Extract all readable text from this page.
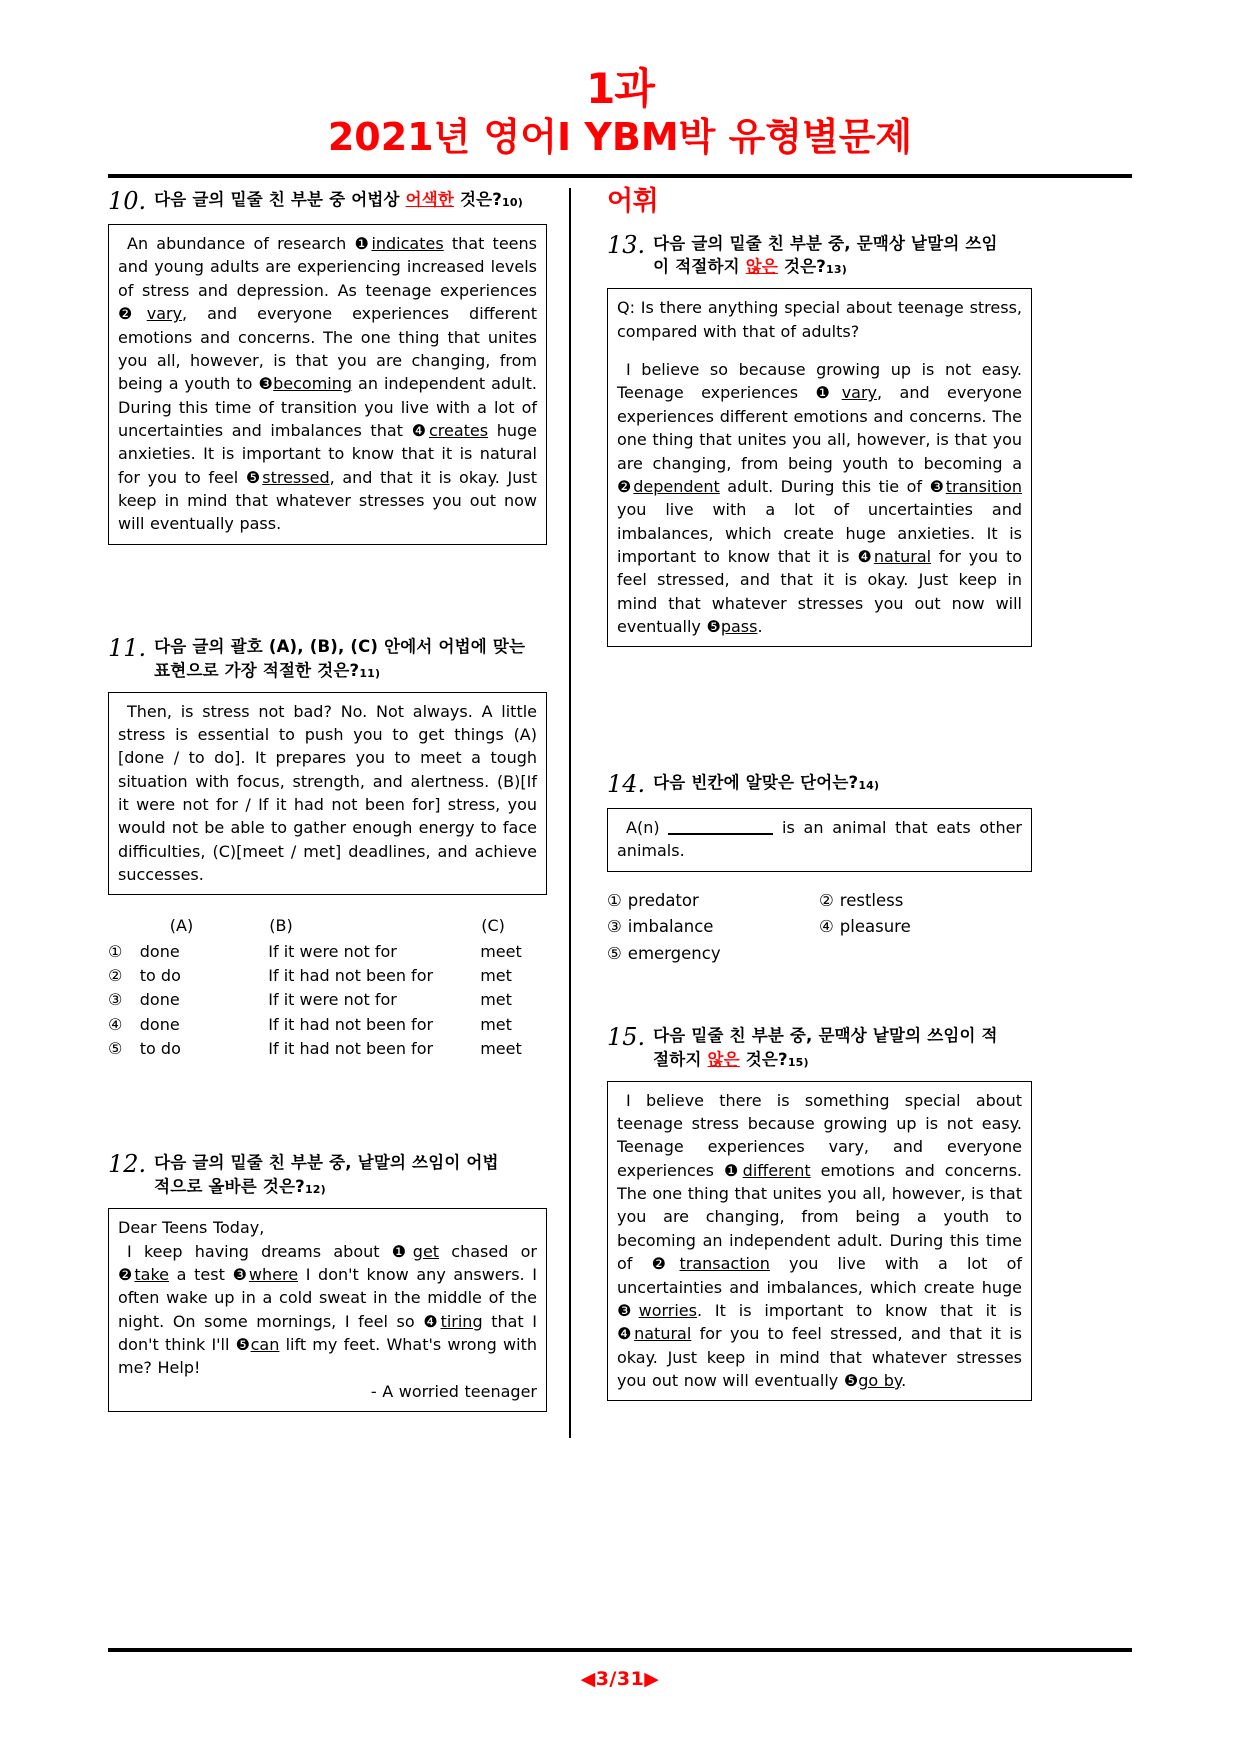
1과
2021년 영어Ⅰ YBM박 유형별문제
10. 다음 글의 밑줄 친 부분 중 어법상 어색한 것은?$^{10)}$

An abundance of research ❶indicates that teens and young adults are experiencing increased levels of stress and depression. As teenage experiences ❷vary, and everyone experiences different emotions and concerns. The one thing that unites you all, however, is that you are changing, from being a youth to ❸becoming an independent adult. During this time of transition you live with a lot of uncertainties and imbalances that ❹creates huge anxieties. It is important to know that it is natural for you to feel ❺stressed, and that it is okay. Just keep in mind that whatever stresses you out now will eventually pass.

11. 다음 글의 괄호 (A), (B), (C) 안에서 어법에 맞는
표현으로 가장 적절한 것은?$^{11)}$

Then, is stress not bad? No. Not always. A little stress is essential to push you to get things (A)[done / to do]. It prepares you to meet a tough situation with focus, strength, and alertness. (B)[If it were not for / If it had not been for] stress, you would not be able to gather enough energy to face difficulties, (C)[meet / met] deadlines, and achieve successes.

	(A)	(B)	(C)
①	done	If it were not for	meet
②	to do	If it had not been for	met
③	done	If it were not for	met
④	done	If it had not been for	met
⑤	to do	If it had not been for	meet
12. 다음 글의 밑줄 친 부분 중, 낱말의 쓰임이 어법
적으로 올바른 것은?$^{12)}$

Dear Teens Today,

I keep having dreams about ❶get chased or ❷take a test ❸where I don't know any answers. I often wake up in a cold sweat in the middle of the night. On some mornings, I feel so ❹tiring that I don't think I'll ❺can lift my feet. What's wrong with me? Help!

- A worried teenager

어휘
13. 다음 글의 밑줄 친 부분 중, 문맥상 낱말의 쓰임
이 적절하지 않은 것은?$^{13)}$

Q: Is there anything special about teenage stress, compared with that of adults?

I believe so because growing up is not easy. Teenage experiences ❶vary, and everyone experiences different emotions and concerns. The one thing that unites you all, however, is that you are changing, from being youth to becoming a ❷dependent adult. During this tie of ❸transition you live with a lot of uncertainties and imbalances, which create huge anxieties. It is important to know that it is ❹natural for you to feel stressed, and that it is okay. Just keep in mind that whatever stresses you out now will eventually ❺pass.

14. 다음 빈칸에 알맞은 단어는?$^{14)}$

A(n)	is an animal that eats other animals.

① predator	② restless
③ imbalance	④ pleasure
⑤ emergency
15. 다음 밑줄 친 부분 중, 문맥상 낱말의 쓰임이 적
절하지 않은 것은?$^{15)}$

I believe there is something special about teenage stress because growing up is not easy. Teenage experiences vary, and everyone experiences ❶different emotions and concerns. The one thing that unites you all, however, is that you are changing, from being a youth to becoming an independent adult. During this time of ❷transaction you live with a lot of uncertainties and imbalances, which create huge ❸worries. It is important to know that it is ❹natural for you to feel stressed, and that it is okay. Just keep in mind that whatever stresses you out now will eventually ❺go by.

◀3/31▶
